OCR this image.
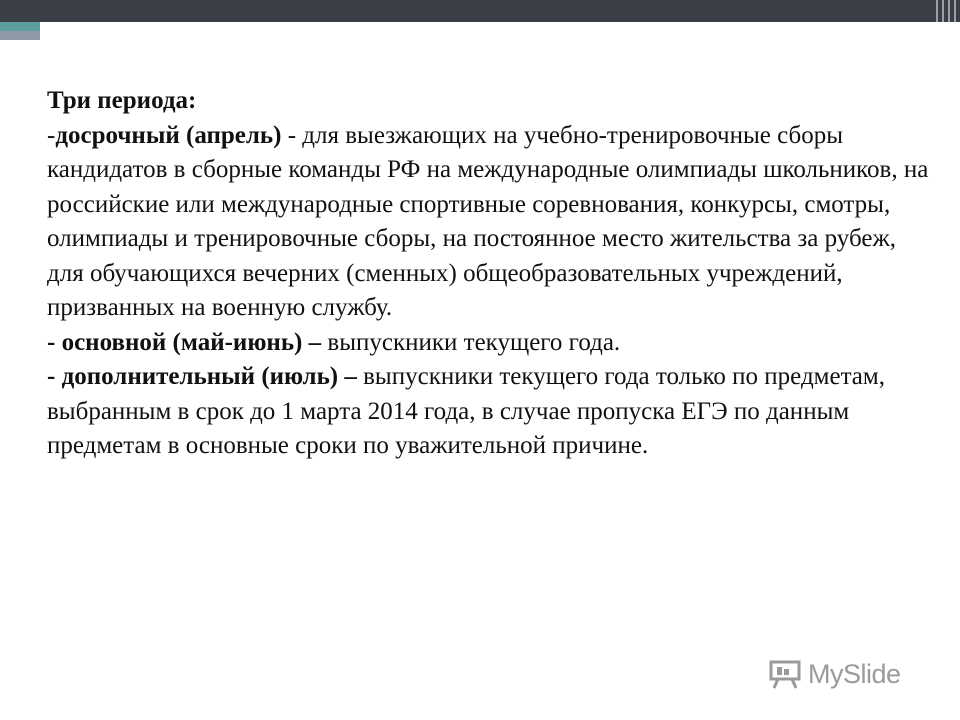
Три периода:

-досрочный (апрель) - для выезжающих на учебно-тренировочные сборы кандидатов в сборные команды РФ на международные олимпиады школьников, на российские или международные спортивные соревнования, конкурсы, смотры, олимпиады и тренировочные сборы, на постоянное место жительства за рубеж, для обучающихся вечерних (сменных) общеобразовательных учреждений, призванных на военную службу.

- основной (май-июнь) – выпускники текущего года.

- дополнительный (июль) – выпускники текущего года только по предметам, выбранным в срок до 1 марта 2014 года, в случае пропуска ЕГЭ по данным предметам в основные сроки по уважительной причине.

MySlide
